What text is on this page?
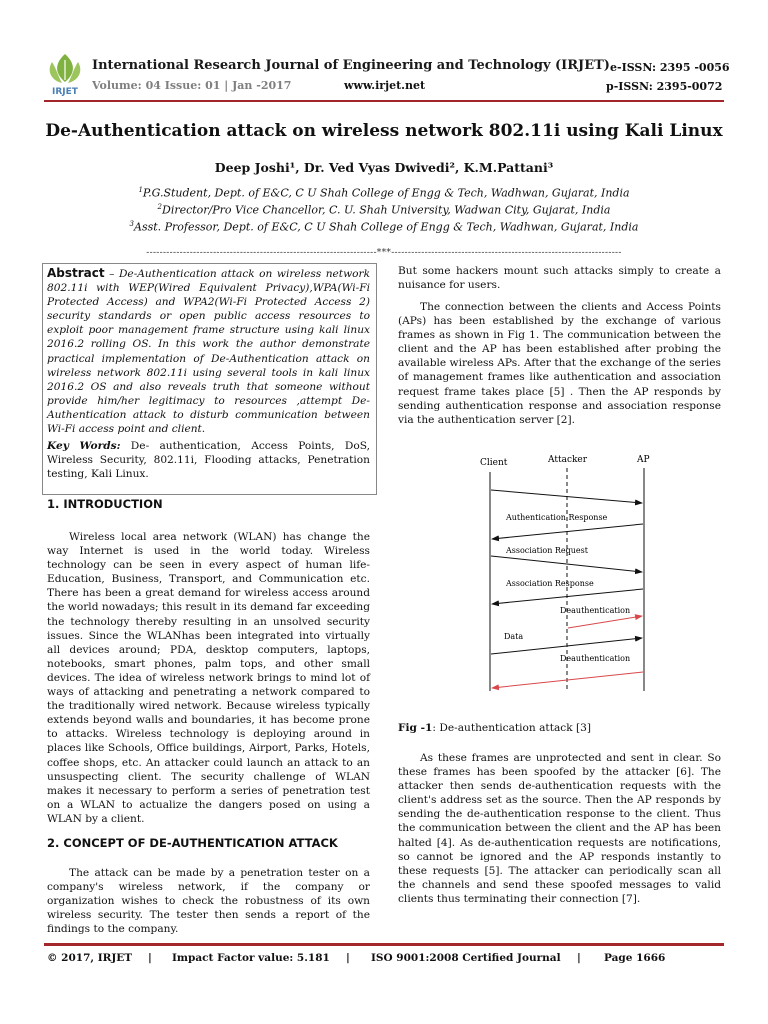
IRJET
International Research Journal of Engineering and Technology (IRJET)
Volume: 04 Issue: 01 | Jan -2017	www.irjet.net
e-ISSN: 2395 -0056
p-ISSN: 2395-0072
De-Authentication attack on wireless network 802.11i using Kali Linux
Deep Joshi¹, Dr. Ved Vyas Dwivedi², K.M.Pattani³
$^1$P.G.Student, Dept. of E&C, C U Shah College of Engg & Tech, Wadhwan, Gujarat, India
$^2$Director/Pro Vice Chancellor, C. U. Shah University, Wadwan City, Gujarat, India
$^3$Asst. Professor, Dept. of E&C, C U Shah College of Engg & Tech, Wadhwan, Gujarat, India
---------------------------------------------------------------------***---------------------------------------------------------------------

Abstract – De-Authentication attack on wireless network 802.11i with WEP(Wired Equivalent Privacy),WPA(Wi-Fi Protected Access) and WPA2(Wi-Fi Protected Access 2) security standards or open public access resources to exploit poor management frame structure using kali linux 2016.2 rolling OS. In this work the author demonstrate practical implementation of De-Authentication attack on wireless network 802.11i using several tools in kali linux 2016.2 OS and also reveals truth that someone without provide him/her legitimacy to resources ,attempt De-Authentication attack to disturb communication between Wi-Fi access point and client.

Key Words: De- authentication, Access Points, DoS, Wireless Security, 802.11i, Flooding attacks, Penetration testing, Kali Linux.

1. INTRODUCTION

Wireless local area network (WLAN) has change the way Internet is used in the world today. Wireless technology can be seen in every aspect of human life-Education, Business, Transport, and Communication etc. There has been a great demand for wireless access around the world nowadays; this result in its demand far exceeding the technology thereby resulting in an unsolved security issues. Since the WLANhas been integrated into virtually all devices around; PDA, desktop computers, laptops, notebooks, smart phones, palm tops, and other small devices. The idea of wireless network brings to mind lot of ways of attacking and penetrating a network compared to the traditionally wired network. Because wireless typically extends beyond walls and boundaries, it has become prone to attacks. Wireless technology is deploying around in places like Schools, Office buildings, Airport, Parks, Hotels, coffee shops, etc. An attacker could launch an attack to an unsuspecting client. The security challenge of WLAN makes it necessary to perform a series of penetration test on a WLAN to actualize the dangers posed on using a WLAN by a client.

2. CONCEPT OF DE-AUTHENTICATION ATTACK

The attack can be made by a penetration tester on a company's wireless network, if the company or organization wishes to check the robustness of its own wireless security. The tester then sends a report of the findings to the company.

But some hackers mount such attacks simply to create a nuisance for users.

The connection between the clients and Access Points (APs) has been established by the exchange of various frames as shown in Fig 1. The communication between the client and the AP has been established after probing the available wireless APs. After that the exchange of the series of management frames like authentication and association request frame takes place [5] . Then the AP responds by sending authentication response and association response via the authentication server [2].

Client	Attacker	AP
Authentication Response
Association Request
Association Response
Deauthentication
Data
Deauthentication
Fig -1: De-authentication attack [3]

As these frames are unprotected and sent in clear. So these frames has been spoofed by the attacker [6]. The attacker then sends de-authentication requests with the client's address set as the source. Then the AP responds by sending the de-authentication response to the client. Thus the communication between the client and the AP has been halted [4]. As de-authentication requests are notifications, so cannot be ignored and the AP responds instantly to these requests [5]. The attacker can periodically scan all the channels and send these spoofed messages to valid clients thus terminating their connection [7].

© 2017, IRJET | Impact Factor value: 5.181 | ISO 9001:2008 Certified Journal | Page 1666
